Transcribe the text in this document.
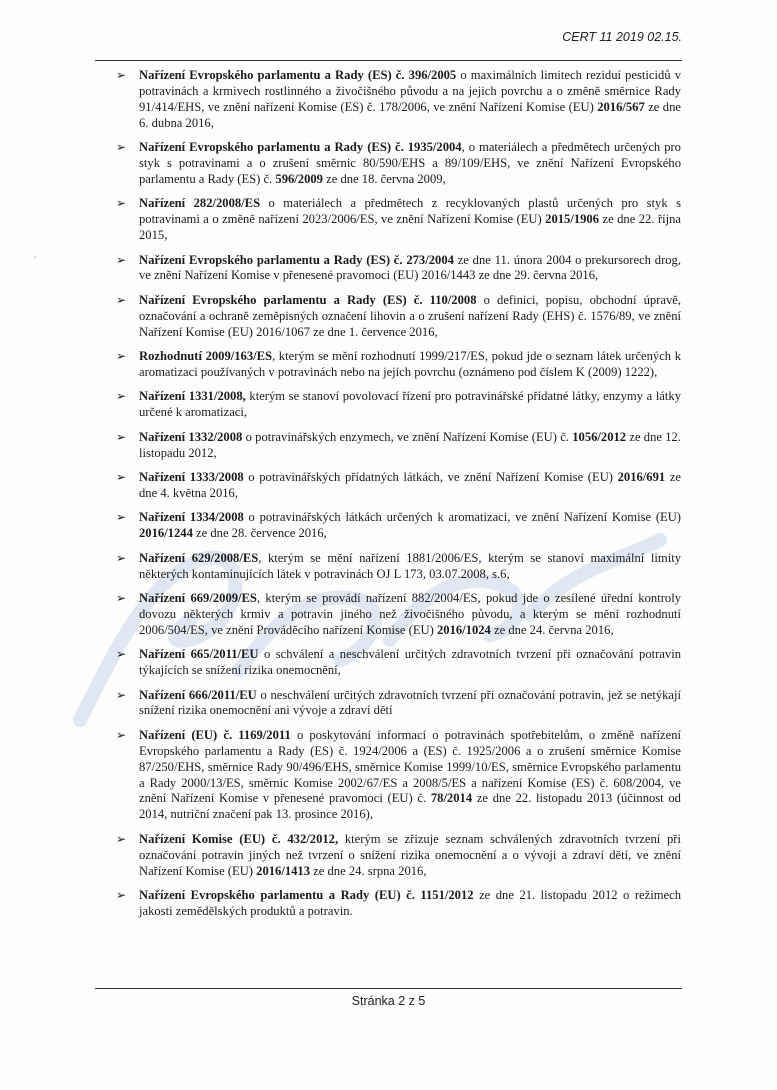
CERT 11 2019 02.15.
'
➢ Nařízení Evropského parlamentu a Rady (ES) č. 396/2005 o maximálních limitech reziduí pesticidů v potravinách a krmivech rostlinného a živočišného původu a na jejich povrchu a o změně směrnice Rady 91/414/EHS, ve znění nařízení Komise (ES) č. 178/2006, ve znění Nařízení Komise (EU) 2016/567 ze dne 6. dubna 2016,
➢ Nařízení Evropského parlamentu a Rady (ES) č. 1935/2004, o materiálech a předmětech určených pro styk s potravinami a o zrušení směrnic 80/590/EHS a 89/109/EHS, ve znění Nařízení Evropského parlamentu a Rady (ES) č. 596/2009 ze dne 18. června 2009,
➢ Nařízení 282/2008/ES o materiálech a předmětech z recyklovaných plastů určených pro styk s potravinami a o změně nařízení 2023/2006/ES, ve znění Nařízení Komise (EU) 2015/1906 ze dne 22. října 2015,
➢ Nařízení Evropského parlamentu a Rady (ES) č. 273/2004 ze dne 11. února 2004 o prekursorech drog, ve znění Nařízení Komise v přenesené pravomoci (EU) 2016/1443 ze dne 29. června 2016,
➢ Nařízení Evropského parlamentu a Rady (ES) č. 110/2008 o definici, popisu, obchodní úpravě, označování a ochraně zeměpisných označení lihovin a o zrušení nařízení Rady (EHS) č. 1576/89, ve znění Nařízení Komise (EU) 2016/1067 ze dne 1. července 2016,
➢ Rozhodnutí 2009/163/ES, kterým se mění rozhodnutí 1999/217/ES, pokud jde o seznam látek určených k aromatizaci používaných v potravinách nebo na jejich povrchu (oznámeno pod číslem K (2009) 1222),
➢ Nařízení 1331/2008, kterým se stanoví povolovací řízení pro potravinářské přídatné látky, enzymy a látky určené k aromatizaci,
➢ Nařízení 1332/2008 o potravinářských enzymech, ve znění Nařízení Komise (EU) č. 1056/2012 ze dne 12. listopadu 2012,
➢ Nařízení 1333/2008 o potravinářských přídatných látkách, ve znění Nařízení Komise (EU) 2016/691 ze dne 4. května 2016,
➢ Nařízení 1334/2008 o potravinářských látkách určených k aromatizaci, ve znění Nařízení Komise (EU) 2016/1244 ze dne 28. července 2016,
➢ Nařízení 629/2008/ES, kterým se mění nařízení 1881/2006/ES, kterým se stanoví maximální limity některých kontaminujících látek v potravinách OJ L 173, 03.07.2008, s.6,
➢ Nařízení 669/2009/ES, kterým se provádí nařízení 882/2004/ES, pokud jde o zesílené úřední kontroly dovozu některých krmiv a potravin jiného než živočišného původu, a kterým se mění rozhodnutí 2006/504/ES, ve znění Prováděcího nařízení Komise (EU) 2016/1024 ze dne 24. června 2016,
➢ Nařízení 665/2011/EU o schválení a neschválení určitých zdravotních tvrzení při označování potravin týkajících se snížení rizika onemocnění,
➢ Nařízení 666/2011/EU o neschválení určitých zdravotních tvrzení při označování potravin, jež se netýkají snížení rizika onemocnění ani vývoje a zdraví dětí
➢ Nařízení (EU) č. 1169/2011 o poskytování informací o potravinách spotřebitelům, o změně nařízení Evropského parlamentu a Rady (ES) č. 1924/2006 a (ES) č. 1925/2006 a o zrušení směrnice Komise 87/250/EHS, směrnice Rady 90/496/EHS, směrnice Komise 1999/10/ES, směrnice Evropského parlamentu a Rady 2000/13/ES, směrnic Komise 2002/67/ES a 2008/5/ES a nařízení Komise (ES) č. 608/2004, ve znění Nařízení Komise v přenesené pravomoci (EU) č. 78/2014 ze dne 22. listopadu 2013 (účinnost od 2014, nutriční značení pak 13. prosince 2016),
➢ Nařízení Komise (EU) č. 432/2012, kterým se zřizuje seznam schválených zdravotních tvrzení při označování potravin jiných než tvrzení o snížení rizika onemocnění a o vývoji a zdraví dětí, ve znění Nařízení Komise (EU) 2016/1413 ze dne 24. srpna 2016,
➢ Nařízení Evropského parlamentu a Rady (EU) č. 1151/2012 ze dne 21. listopadu 2012 o režimech jakosti zemědělských produktů a potravin.
Stránka 2 z 5
